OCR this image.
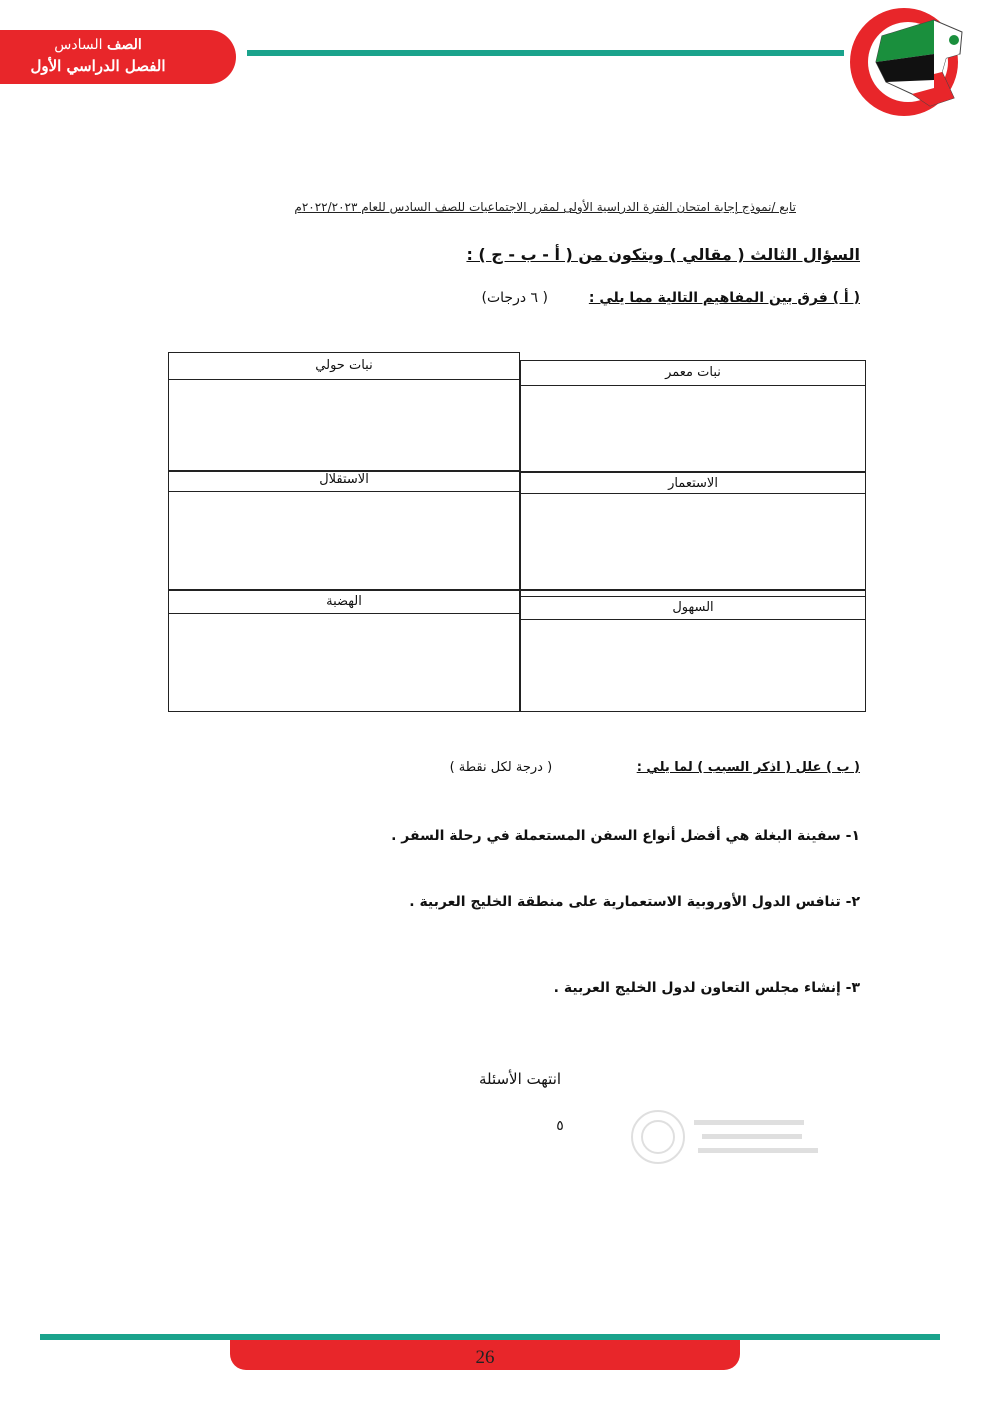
الصف السادس
الفصل الدراسي الأول
تابع /نموذج إجابة امتحان الفترة الدراسية الأولى لمقرر الاجتماعيات للصف السادس للعام ٢٠٢٢/٢٠٢٣م
السؤال الثالث ( مقالي ) ويتكون من ( أ - ب - ج ) :
( أ ) فرق بين المفاهيم التالية مما يلي : ( ٦ درجات)
نبات معمر
نبات حولي
الاستعمار
الاستقلال
السهول
الهضبة
( ب ) علل ( اذكر السبب ) لما يلي : ( درجة لكل نقطة )
١- سفينة البغلة هي أفضل أنواع السفن المستعملة في رحلة السفر .
٢- تنافس الدول الأوروبية الاستعمارية على منطقة الخليج العربية .
٣- إنشاء مجلس التعاون لدول الخليج العربية .
انتهت الأسئلة
٥
26
